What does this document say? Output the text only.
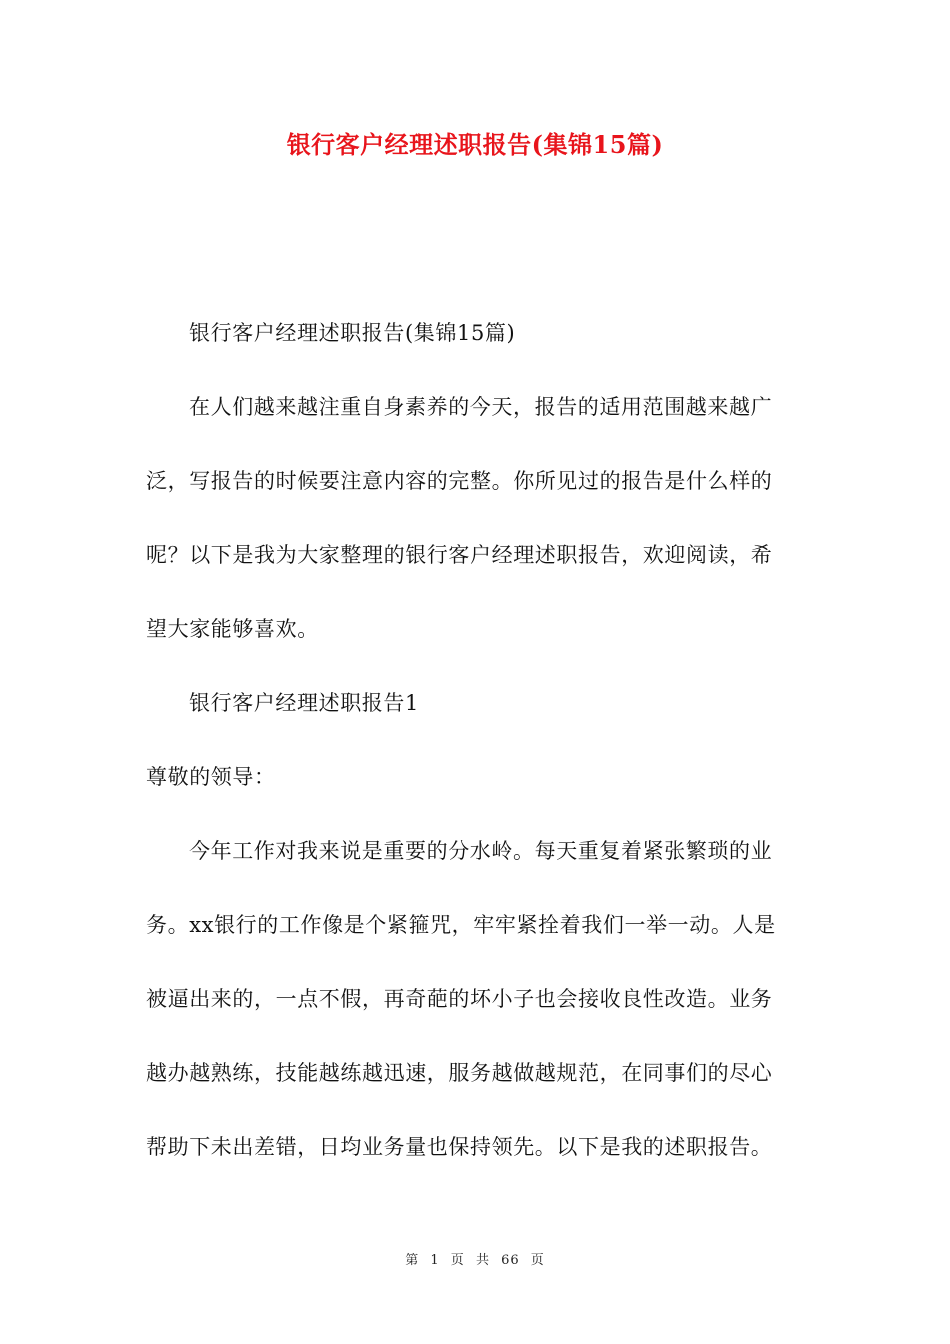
银行客户经理述职报告(集锦15篇)
银行客户经理述职报告(集锦15篇)
在人们越来越注重自身素养的今天，报告的适用范围越来越广
泛，写报告的时候要注意内容的完整。你所见过的报告是什么样的
呢？以下是我为大家整理的银行客户经理述职报告，欢迎阅读，希
望大家能够喜欢。
银行客户经理述职报告1
尊敬的领导：
今年工作对我来说是重要的分水岭。每天重复着紧张繁琐的业
务。xx银行的工作像是个紧箍咒，牢牢紧拴着我们一举一动。人是
被逼出来的，一点不假，再奇葩的坏小子也会接收良性改造。业务
越办越熟练，技能越练越迅速，服务越做越规范，在同事们的尽心
帮助下未出差错，日均业务量也保持领先。以下是我的述职报告。
第 1 页 共 66 页
